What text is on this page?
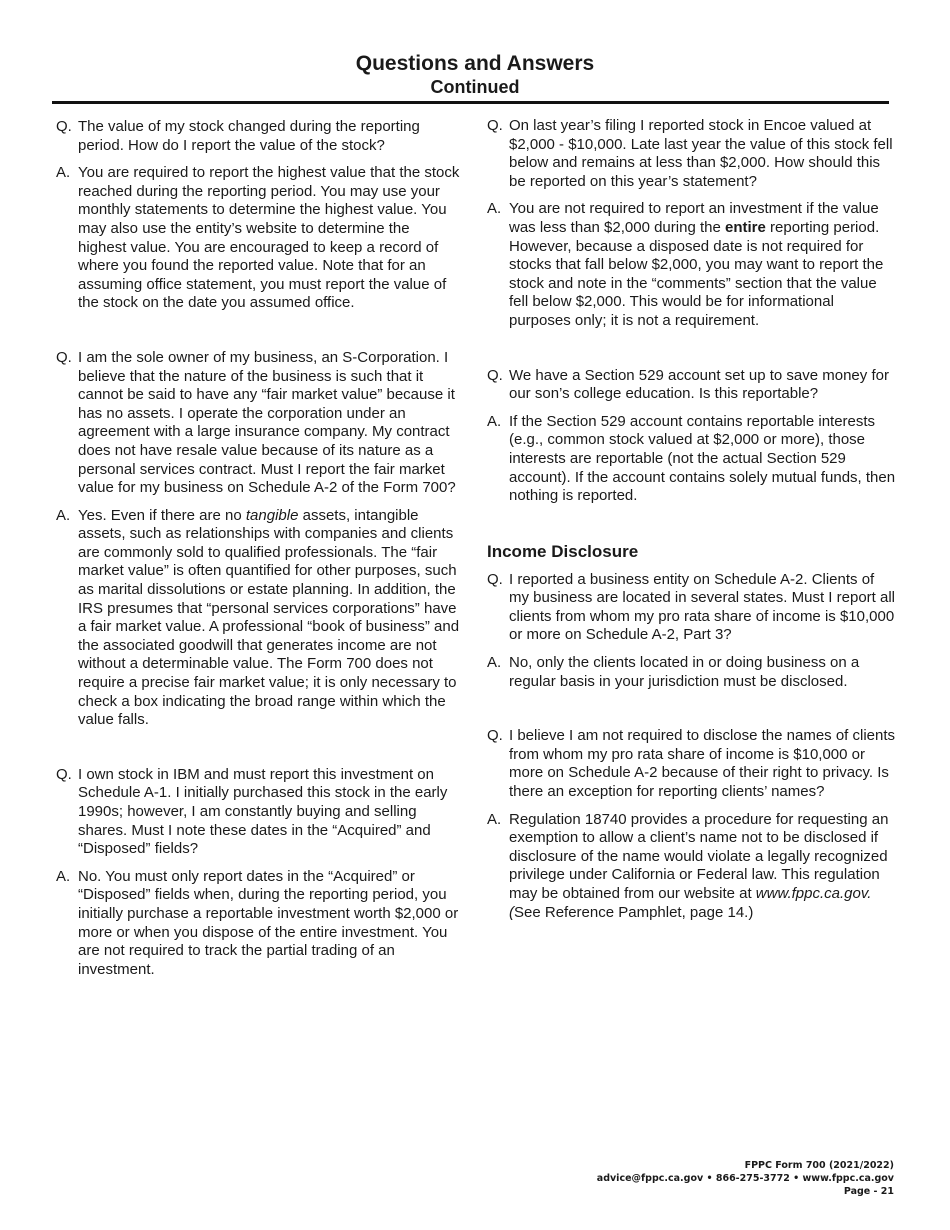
Questions and Answers
Continued

Q. The value of my stock changed during the reporting period. How do I report the value of the stock?

A. You are required to report the highest value that the stock reached during the reporting period. You may use your monthly statements to determine the highest value. You may also use the entity’s website to determine the highest value. You are encouraged to keep a record of where you found the reported value. Note that for an assuming office statement, you must report the value of the stock on the date you assumed office.

Q. I am the sole owner of my business, an S-Corporation. I believe that the nature of the business is such that it cannot be said to have any “fair market value” because it has no assets. I operate the corporation under an agreement with a large insurance company. My contract does not have resale value because of its nature as a personal services contract. Must I report the fair market value for my business on Schedule A-2 of the Form 700?

A. Yes. Even if there are no tangible assets, intangible assets, such as relationships with companies and clients are commonly sold to qualified professionals. The “fair market value” is often quantified for other purposes, such as marital dissolutions or estate planning. In addition, the IRS presumes that “personal services corporations” have a fair market value. A professional “book of business” and the associated goodwill that generates income are not without a determinable value. The Form 700 does not require a precise fair market value; it is only necessary to check a box indicating the broad range within which the value falls.

Q. I own stock in IBM and must report this investment on Schedule A-1. I initially purchased this stock in the early 1990s; however, I am constantly buying and selling shares. Must I note these dates in the “Acquired” and “Disposed” fields?

A. No. You must only report dates in the “Acquired” or “Disposed” fields when, during the reporting period, you initially purchase a reportable investment worth $2,000 or more or when you dispose of the entire investment. You are not required to track the partial trading of an investment.

Q. On last year’s filing I reported stock in Encoe valued at $2,000 - $10,000. Late last year the value of this stock fell below and remains at less than $2,000. How should this be reported on this year’s statement?

A. You are not required to report an investment if the value was less than $2,000 during the entire reporting period. However, because a disposed date is not required for stocks that fall below $2,000, you may want to report the stock and note in the “comments” section that the value fell below $2,000. This would be for informational purposes only; it is not a requirement.

Q. We have a Section 529 account set up to save money for our son’s college education. Is this reportable?

A. If the Section 529 account contains reportable interests (e.g., common stock valued at $2,000 or more), those interests are reportable (not the actual Section 529 account). If the account contains solely mutual funds, then nothing is reported.

Income Disclosure

Q. I reported a business entity on Schedule A-2. Clients of my business are located in several states. Must I report all clients from whom my pro rata share of income is $10,000 or more on Schedule A-2, Part 3?

A. No, only the clients located in or doing business on a regular basis in your jurisdiction must be disclosed.

Q. I believe I am not required to disclose the names of clients from whom my pro rata share of income is $10,000 or more on Schedule A-2 because of their right to privacy. Is there an exception for reporting clients’ names?

A. Regulation 18740 provides a procedure for requesting an exemption to allow a client’s name not to be disclosed if disclosure of the name would violate a legally recognized privilege under California or Federal law. This regulation may be obtained from our website at www.fppc.ca.gov. (See Reference Pamphlet, page 14.)

FPPC Form 700 (2021/2022)
advice@fppc.ca.gov • 866-275-3772 • www.fppc.ca.gov
Page - 21
